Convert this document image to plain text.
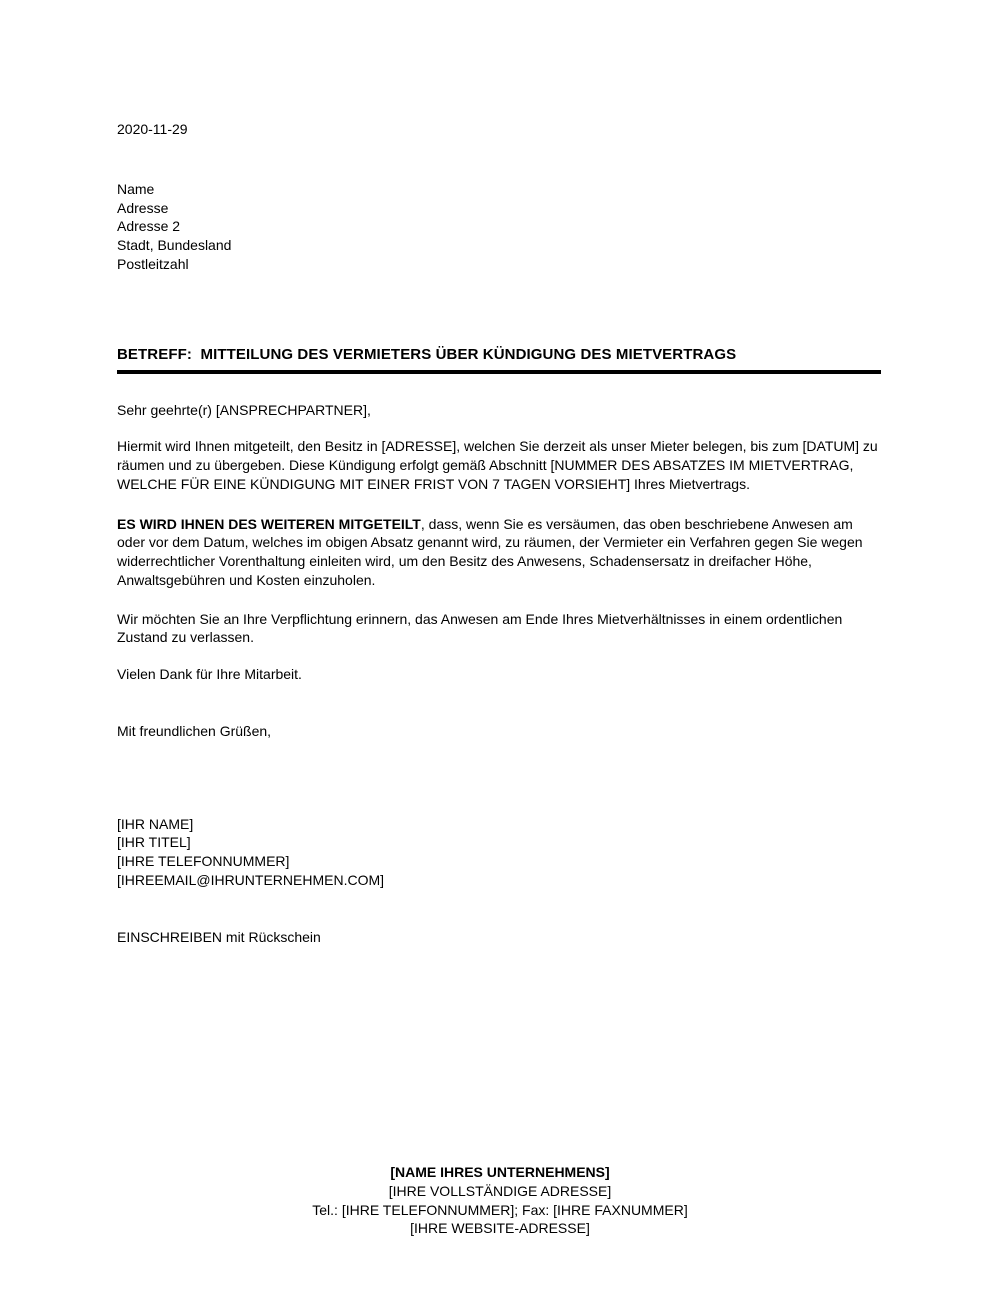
2020-11-29
Name
Adresse
Adresse 2
Stadt, Bundesland
Postleitzahl
BETREFF:  MITTEILUNG DES VERMIETERS ÜBER KÜNDIGUNG DES MIETVERTRAGS
Sehr geehrte(r) [ANSPRECHPARTNER],

Hiermit wird Ihnen mitgeteilt, den Besitz in [ADRESSE], welchen Sie derzeit als unser Mieter belegen, bis zum [DATUM] zu räumen und zu übergeben. Diese Kündigung erfolgt gemäß Abschnitt [NUMMER DES ABSATZES IM MIETVERTRAG, WELCHE FÜR EINE KÜNDIGUNG MIT EINER FRIST VON 7 TAGEN VORSIEHT] Ihres Mietvertrags.

ES WIRD IHNEN DES WEITEREN MITGETEILT, dass, wenn Sie es versäumen, das oben beschriebene Anwesen am oder vor dem Datum, welches im obigen Absatz genannt wird, zu räumen, der Vermieter ein Verfahren gegen Sie wegen widerrechtlicher Vorenthaltung einleiten wird, um den Besitz des Anwesens, Schadensersatz in dreifacher Höhe, Anwaltsgebühren und Kosten einzuholen.

Wir möchten Sie an Ihre Verpflichtung erinnern, das Anwesen am Ende Ihres Mietverhältnisses in einem ordentlichen Zustand zu verlassen.

Vielen Dank für Ihre Mitarbeit.

Mit freundlichen Grüßen,

[IHR NAME]
[IHR TITEL]
[IHRE TELEFONNUMMER]
[IHREEMAIL@IHRUNTERNEHMEN.COM]
EINSCHREIBEN mit Rückschein
[NAME IHRES UNTERNEHMENS]
[IHRE VOLLSTÄNDIGE ADRESSE]
Tel.: [IHRE TELEFONNUMMER]; Fax: [IHRE FAXNUMMER]
[IHRE WEBSITE-ADRESSE]
